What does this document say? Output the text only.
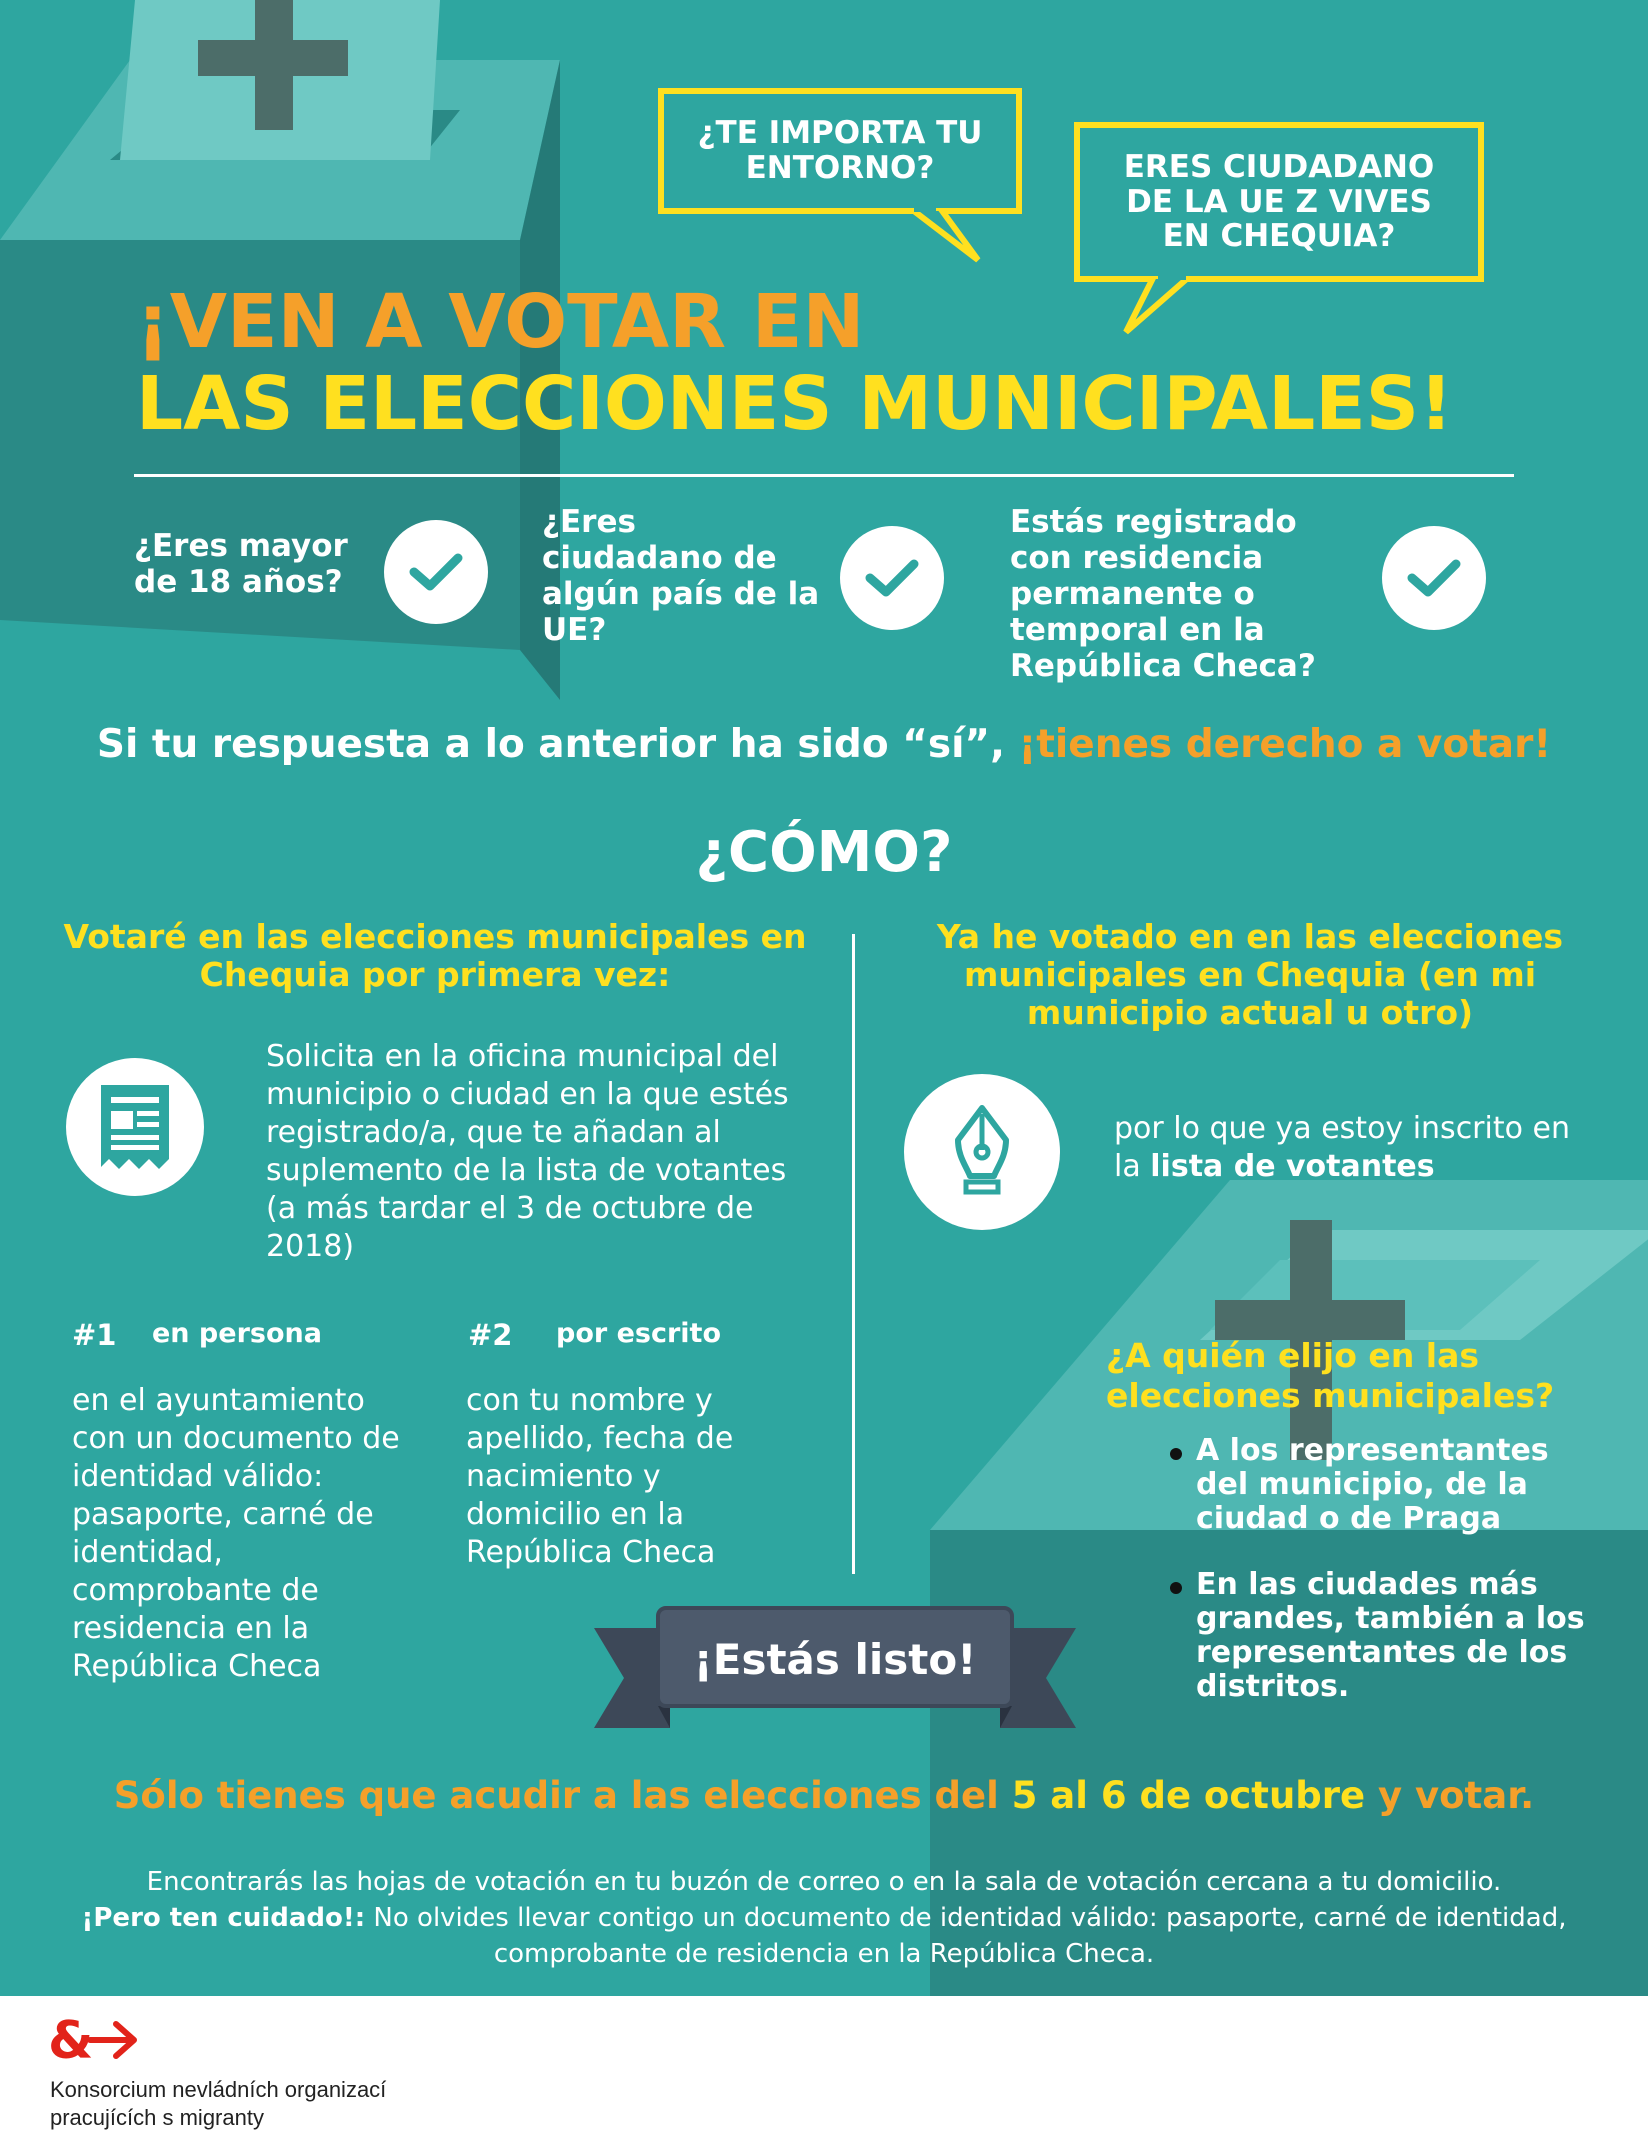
¿TE IMPORTA TU ENTORNO?	ERES CIUDADANO DE LA UE Z VIVES EN CHEQUIA?
¡VEN A VOTAR EN
LAS ELECCIONES MUNICIPALES!
¿Eres mayor de 18 años?
¿Eres ciudadano de algún país de la UE?
Estás registrado con residencia permanente o temporal en la República Checa?
Si tu respuesta a lo anterior ha sido “sí”, ¡tienes derecho a votar!
¿CÓMO?
Votaré en las elecciones municipales en Chequia por primera vez:
Solicita en la oficina municipal del municipio o ciudad en la que estés registrado/a, que te añadan al suplemento de la lista de votantes (a más tardar el 3 de octubre de 2018)
#1 en persona
en el ayuntamiento con un documento de identidad válido: pasaporte, carné de identidad, comprobante de residencia en la República Checa
#2 por escrito
con tu nombre y apellido, fecha de nacimiento y domicilio en la República Checa
Ya he votado en en las elecciones municipales en Chequia (en mi municipio actual u otro)
por lo que ya estoy inscrito en la lista de votantes
¿A quién elijo en las elecciones municipales?
A los representantes del municipio, de la ciudad o de Praga
En las ciudades más grandes, también a los representantes de los distritos.
¡Estás listo!
Sólo tienes que acudir a las elecciones del 5 al 6 de octubre y votar.
Encontrarás las hojas de votación en tu buzón de correo o en la sala de votación cercana a tu domicilio.
¡Pero ten cuidado!: No olvides llevar contigo un documento de identidad válido: pasaporte, carné de identidad, comprobante de residencia en la República Checa.
&
Konsorcium nevládních organizací
pracujících s migranty
